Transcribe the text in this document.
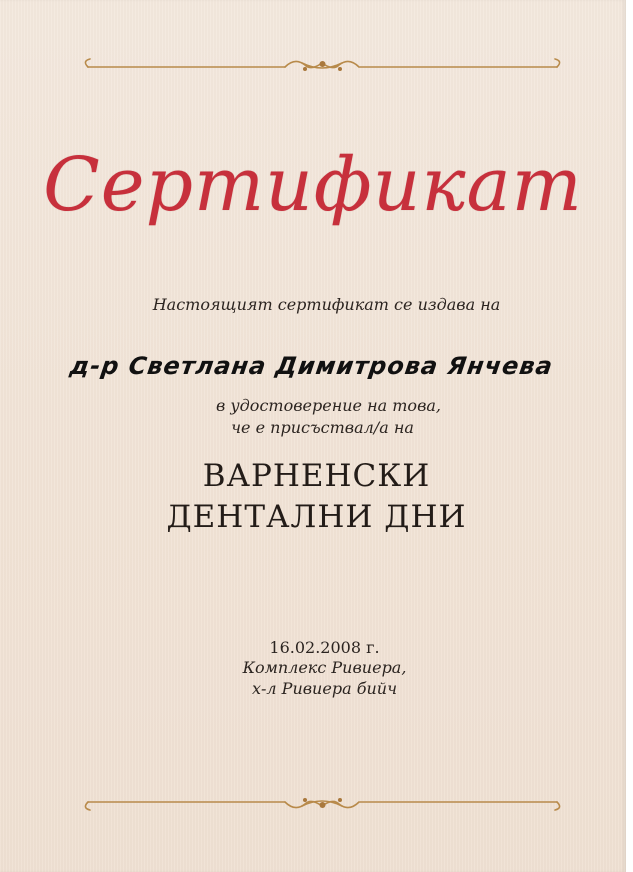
Сертификат
Настоящият сертификат се издава на
д-р Светлана Димитрова Янчева
в удостоверение на това,
че е присъствал/а на
ВАРНЕНСКИ
ДЕНТАЛНИ ДНИ
16.02.2008 г.
Комплекс Ривиера,
х-л Ривиера бийч
